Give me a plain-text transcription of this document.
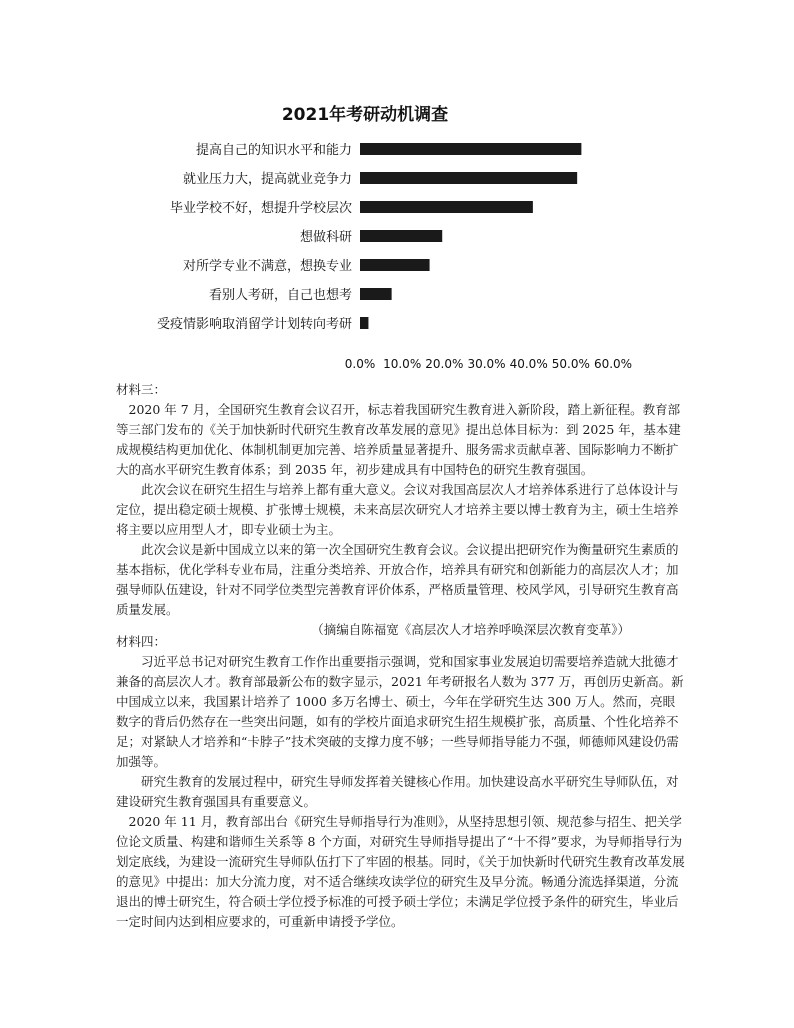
2021年考研动机调查
提高自己的知识水平和能力
就业压力大，提高就业竞争力
毕业学校不好，想提升学校层次
想做科研
对所学专业不满意，想换专业
看别人考研，自己也想考
受疫情影响取消留学计划转向考研
0.0% 10.0% 20.0% 30.0% 40.0% 50.0% 60.0%
材料三：

2020 年 7 月，全国研究生教育会议召开，标志着我国研究生教育进入新阶段，踏上新征程。教育部等三部门发布的《关于加快新时代研究生教育改革发展的意见》提出总体目标为：到 2025 年，基本建成规模结构更加优化、体制机制更加完善、培养质量显著提升、服务需求贡献卓著、国际影响力不断扩大的高水平研究生教育体系；到 2035 年，初步建成具有中国特色的研究生教育强国。

此次会议在研究生招生与培养上都有重大意义。会议对我国高层次人才培养体系进行了总体设计与定位，提出稳定硕士规模、扩张博士规模，未来高层次研究人才培养主要以博士教育为主，硕士生培养将主要以应用型人才，即专业硕士为主。

此次会议是新中国成立以来的第一次全国研究生教育会议。会议提出把研究作为衡量研究生素质的基本指标，优化学科专业布局，注重分类培养、开放合作，培养具有研究和创新能力的高层次人才；加强导师队伍建设，针对不同学位类型完善教育评价体系，严格质量管理、校风学风，引导研究生教育高质量发展。

（摘编自陈福宽《高层次人才培养呼唤深层次教育变革》）
材料四：

习近平总书记对研究生教育工作作出重要指示强调，党和国家事业发展迫切需要培养造就大批德才兼备的高层次人才。教育部最新公布的数字显示，2021 年考研报名人数为 377 万，再创历史新高。新中国成立以来，我国累计培养了 1000 多万名博士、硕士，今年在学研究生达 300 万人。然而，亮眼数字的背后仍然存在一些突出问题，如有的学校片面追求研究生招生规模扩张，高质量、个性化培养不足；对紧缺人才培养和“卡脖子”技术突破的支撑力度不够；一些导师指导能力不强，师德师风建设仍需加强等。

研究生教育的发展过程中，研究生导师发挥着关键核心作用。加快建设高水平研究生导师队伍，对建设研究生教育强国具有重要意义。

2020 年 11 月，教育部出台《研究生导师指导行为准则》，从坚持思想引领、规范参与招生、把关学位论文质量、构建和谐师生关系等 8 个方面，对研究生导师指导提出了“十不得”要求，为导师指导行为划定底线，为建设一流研究生导师队伍打下了牢固的根基。同时，《关于加快新时代研究生教育改革发展的意见》中提出：加大分流力度，对不适合继续攻读学位的研究生及早分流。畅通分流选择渠道，分流退出的博士研究生，符合硕士学位授予标准的可授予硕士学位；未满足学位授予条件的研究生，毕业后一定时间内达到相应要求的，可重新申请授予学位。
